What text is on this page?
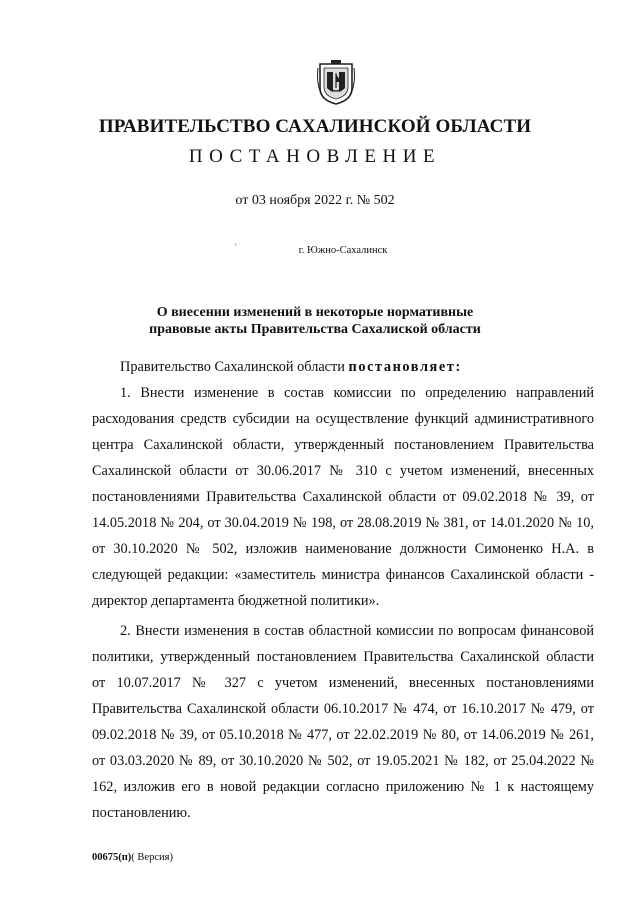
ПРАВИТЕЛЬСТВО САХАЛИНСКОЙ ОБЛАСТИ
ПОСТАНОВЛЕНИЕ
от 03 ноября 2022 г. № 502
'	г. Южно-Сахалинск
О внесении изменений в некоторые нормативные
правовые акты Правительства Сахалиской области

Правительство Сахалинской области постановляет:

1. Внести изменение в состав комиссии по определению направлений расходования средств субсидии на осуществление функций административного центра Сахалинской области, утвержденный постановлением Правительства Сахалинской области от 30.06.2017 № 310 с учетом изменений, внесенных постановлениями Правительства Сахалинской области от 09.02.2018 № 39, от 14.05.2018 № 204, от 30.04.2019 № 198, от 28.08.2019 № 381, от 14.01.2020 № 10, от 30.10.2020 № 502, изложив наименование должности Симоненко Н.А. в следующей редакции: «заместитель министра финансов Сахалинской области - директор департамента бюджетной политики».

2. Внести изменения в состав областной комиссии по вопросам финансовой политики, утвержденный постановлением Правительства Сахалинской области от 10.07.2017 № 327 с учетом изменений, внесенных постановлениями Правительства Сахалинской области 06.10.2017 № 474, от 16.10.2017 № 479, от 09.02.2018 № 39, от 05.10.2018 № 477, от 22.02.2019 № 80, от 14.06.2019 № 261, от 03.03.2020 № 89, от 30.10.2020 № 502, от 19.05.2021 № 182, от 25.04.2022 № 162, изложив его в новой редакции согласно приложению № 1 к настоящему постановлению.

00675(п)( Версия)
